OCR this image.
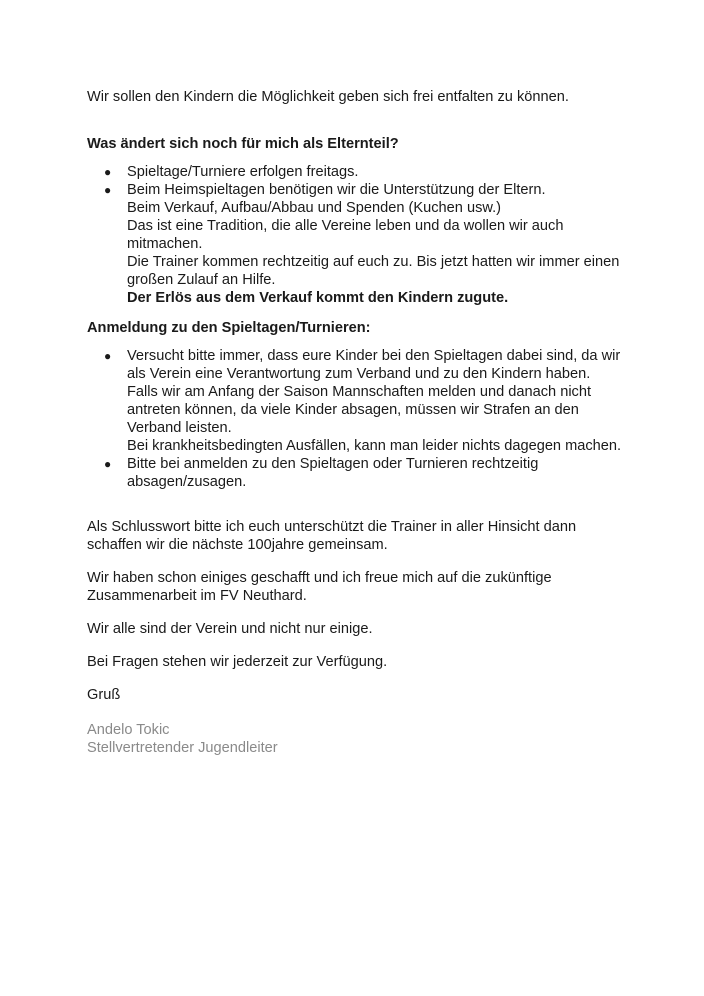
Wir sollen den Kindern die Möglichkeit geben sich frei entfalten zu können.
Was ändert sich noch für mich als Elternteil?
● Spieltage/Turniere erfolgen freitags.
● Beim Heimspieltagen benötigen wir die Unterstützung der Eltern.
Beim Verkauf, Aufbau/Abbau und Spenden (Kuchen usw.)
Das ist eine Tradition, die alle Vereine leben und da wollen wir auch
mitmachen.
Die Trainer kommen rechtzeitig auf euch zu. Bis jetzt hatten wir immer einen
großen Zulauf an Hilfe.
Der Erlös aus dem Verkauf kommt den Kindern zugute.
Anmeldung zu den Spieltagen/Turnieren:
● Versucht bitte immer, dass eure Kinder bei den Spieltagen dabei sind, da wir
als Verein eine Verantwortung zum Verband und zu den Kindern haben.
Falls wir am Anfang der Saison Mannschaften melden und danach nicht
antreten können, da viele Kinder absagen, müssen wir Strafen an den
Verband leisten.
Bei krankheitsbedingten Ausfällen, kann man leider nichts dagegen machen.
● Bitte bei anmelden zu den Spieltagen oder Turnieren rechtzeitig
absagen/zusagen.
Als Schlusswort bitte ich euch unterschützt die Trainer in aller Hinsicht dann
schaffen wir die nächste 100jahre gemeinsam.
Wir haben schon einiges geschafft und ich freue mich auf die zukünftige
Zusammenarbeit im FV Neuthard.
Wir alle sind der Verein und nicht nur einige.
Bei Fragen stehen wir jederzeit zur Verfügung.
Gruß
Andelo Tokic
Stellvertretender Jugendleiter
